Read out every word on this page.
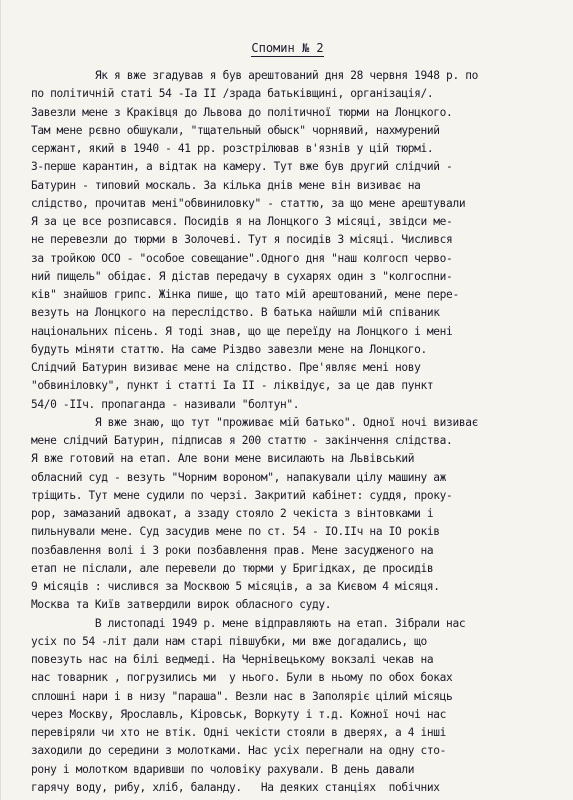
Спомин № 2
Як я вже згадував я був арештований дня 28 червня 1948 р. по
по політичній статі 54 -Іа ІІ /зрада батьківщині, організація/.
Завезли мене з Краківця до Львова до політичної тюрми на Лонцкого.
Там мене рєвно обшукали, "тщательный обыск" чорнявий, нахмурений
сержант, який в 1940 - 41 рр. розстрілював в'язнів у цій тюрмі.
З-перше карантин, а відтак на камеру. Тут вже був другий слідчий -
Батурин - типовий москаль. За кілька днів мене він визиває на
слідство, прочитав мені"обвиниловку" - статтю, за що мене арештували
Я за це все розписався. Посидів я на Лонцкого 3 місяці, звідси ме-
не перевезли до тюрми в Золочеві. Тут я посидів 3 місяці. Числився
за тройкою ОСО - "особое совещание".Одного дня "наш колгосп черво-
ний пищель" обідає. Я дістав передачу в сухарях один з "колгоспни-
ків" знайшов грипс. Жінка пише, що тато мій арештований, мене пере-
везуть на Лонцкого на переслідство. В батька найшли мій співаник
національних пісень. Я тоді знав, що ще переїду на Лонцкого і мені
будуть міняти статтю. На саме Різдво завезли мене на Лонцкого.
Слідчий Батурин визиває мене на слідство. Пре'являє мені нову
"обвиніловку", пункт і статті Іа ІІ - ліквідує, за це дав пункт
54/0 -ІІч. пропаганда - називали "болтун".
Я вже знаю, що тут "проживає мій батько". Одної ночі визиває
мене слідчий Батурин, підписав я 200 статтю - закінчення слідства.
Я вже готовий на етап. Але вони мене висилають на Львівський
обласний суд - везуть "Чорним вороном", напакували цілу машину аж
тріщить. Тут мене судили по черзі. Закритий кабінет: суддя, проку-
рор, замазаний адвокат, а ззаду стояло 2 чекіста з вінтовками і
пильнували мене. Суд засудив мене по ст. 54 - ІО.ІІч на ІО років
позбавлення волі і 3 роки позбавлення прав. Мене засудженого на
етап не післали, але перевели до тюрми у Бригідках, де просидів
9 місяців : числився за Москвою 5 місяців, а за Києвом 4 місяця.
Москва та Київ затвердили вирок обласного суду.
В листопаді 1949 р. мене відправляють на етап. Зібрали нас
усіх по 54 -літ дали нам старі півшубки, ми вже догадались, що
повезуть нас на білі ведмеді. На Чернівецькому вокзалі чекав на
нас товарник , погрузились ми  у нього. Були в ньому по обох боках
сплошні нари і в низу "параша". Везли нас в Заполяріє цілий місяць
через Москву, Ярославль, Кіровськ, Воркуту і т.д. Кожної ночі нас
перевіряли чи хто не втік. Одні чекісти стояли в дверях, а 4 інші
заходили до середини з молотками. Нас усіх перегнали на одну сто-
рону і молотком вдаривши по чоловіку рахували. В день давали
гарячу воду, рибу, хліб, баланду.   На деяких станціях  побічних
